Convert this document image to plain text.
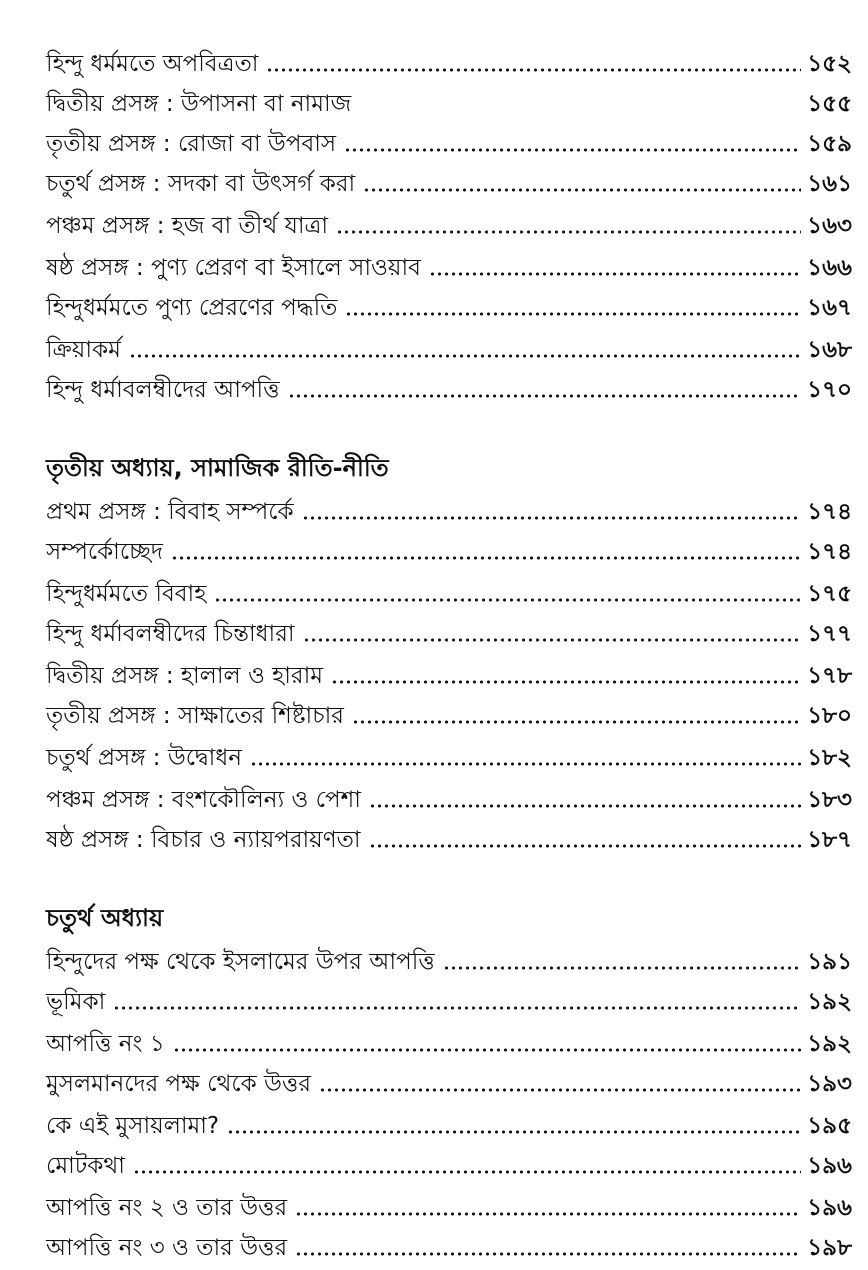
হিন্দু ধর্মমতে অপবিত্রতা	১৫২
দ্বিতীয় প্রসঙ্গ : উপাসনা বা নামাজ	১৫৫
তৃতীয় প্রসঙ্গ : রোজা বা উপবাস	১৫৯
চতুর্থ প্রসঙ্গ : সদকা বা উৎসর্গ করা	১৬১
পঞ্চম প্রসঙ্গ : হজ বা তীর্থ যাত্রা	১৬৩
ষষ্ঠ প্রসঙ্গ : পুণ্য প্রেরণ বা ইসালে সাওয়াব	১৬৬
হিন্দুধর্মমতে পুণ্য প্রেরণের পদ্ধতি	১৬৭
ক্রিয়াকর্ম	১৬৮
হিন্দু ধর্মাবলম্বীদের আপত্তি	১৭০
তৃতীয় অধ্যায়, সামাজিক রীতি-নীতি
প্রথম প্রসঙ্গ : বিবাহ সম্পর্কে	১৭৪
সম্পর্কোচ্ছেদ	১৭৪
হিন্দুধর্মমতে বিবাহ	১৭৫
হিন্দু ধর্মাবলম্বীদের চিন্তাধারা	১৭৭
দ্বিতীয় প্রসঙ্গ : হালাল ও হারাম	১৭৮
তৃতীয় প্রসঙ্গ : সাক্ষাতের শিষ্টাচার	১৮০
চতুর্থ প্রসঙ্গ : উদ্বোধন	১৮২
পঞ্চম প্রসঙ্গ : বংশকৌলিন্য ও পেশা	১৮৩
ষষ্ঠ প্রসঙ্গ : বিচার ও ন্যায়পরায়ণতা	১৮৭
চতুর্থ অধ্যায়
হিন্দুদের পক্ষ থেকে ইসলামের উপর আপত্তি	১৯১
ভূমিকা	১৯২
আপত্তি নং ১	১৯২
মুসলমানদের পক্ষ থেকে উত্তর	১৯৩
কে এই মুসায়লামা?	১৯৫
মোটকথা	১৯৬
আপত্তি নং ২ ও তার উত্তর	১৯৬
আপত্তি নং ৩ ও তার উত্তর	১৯৮
